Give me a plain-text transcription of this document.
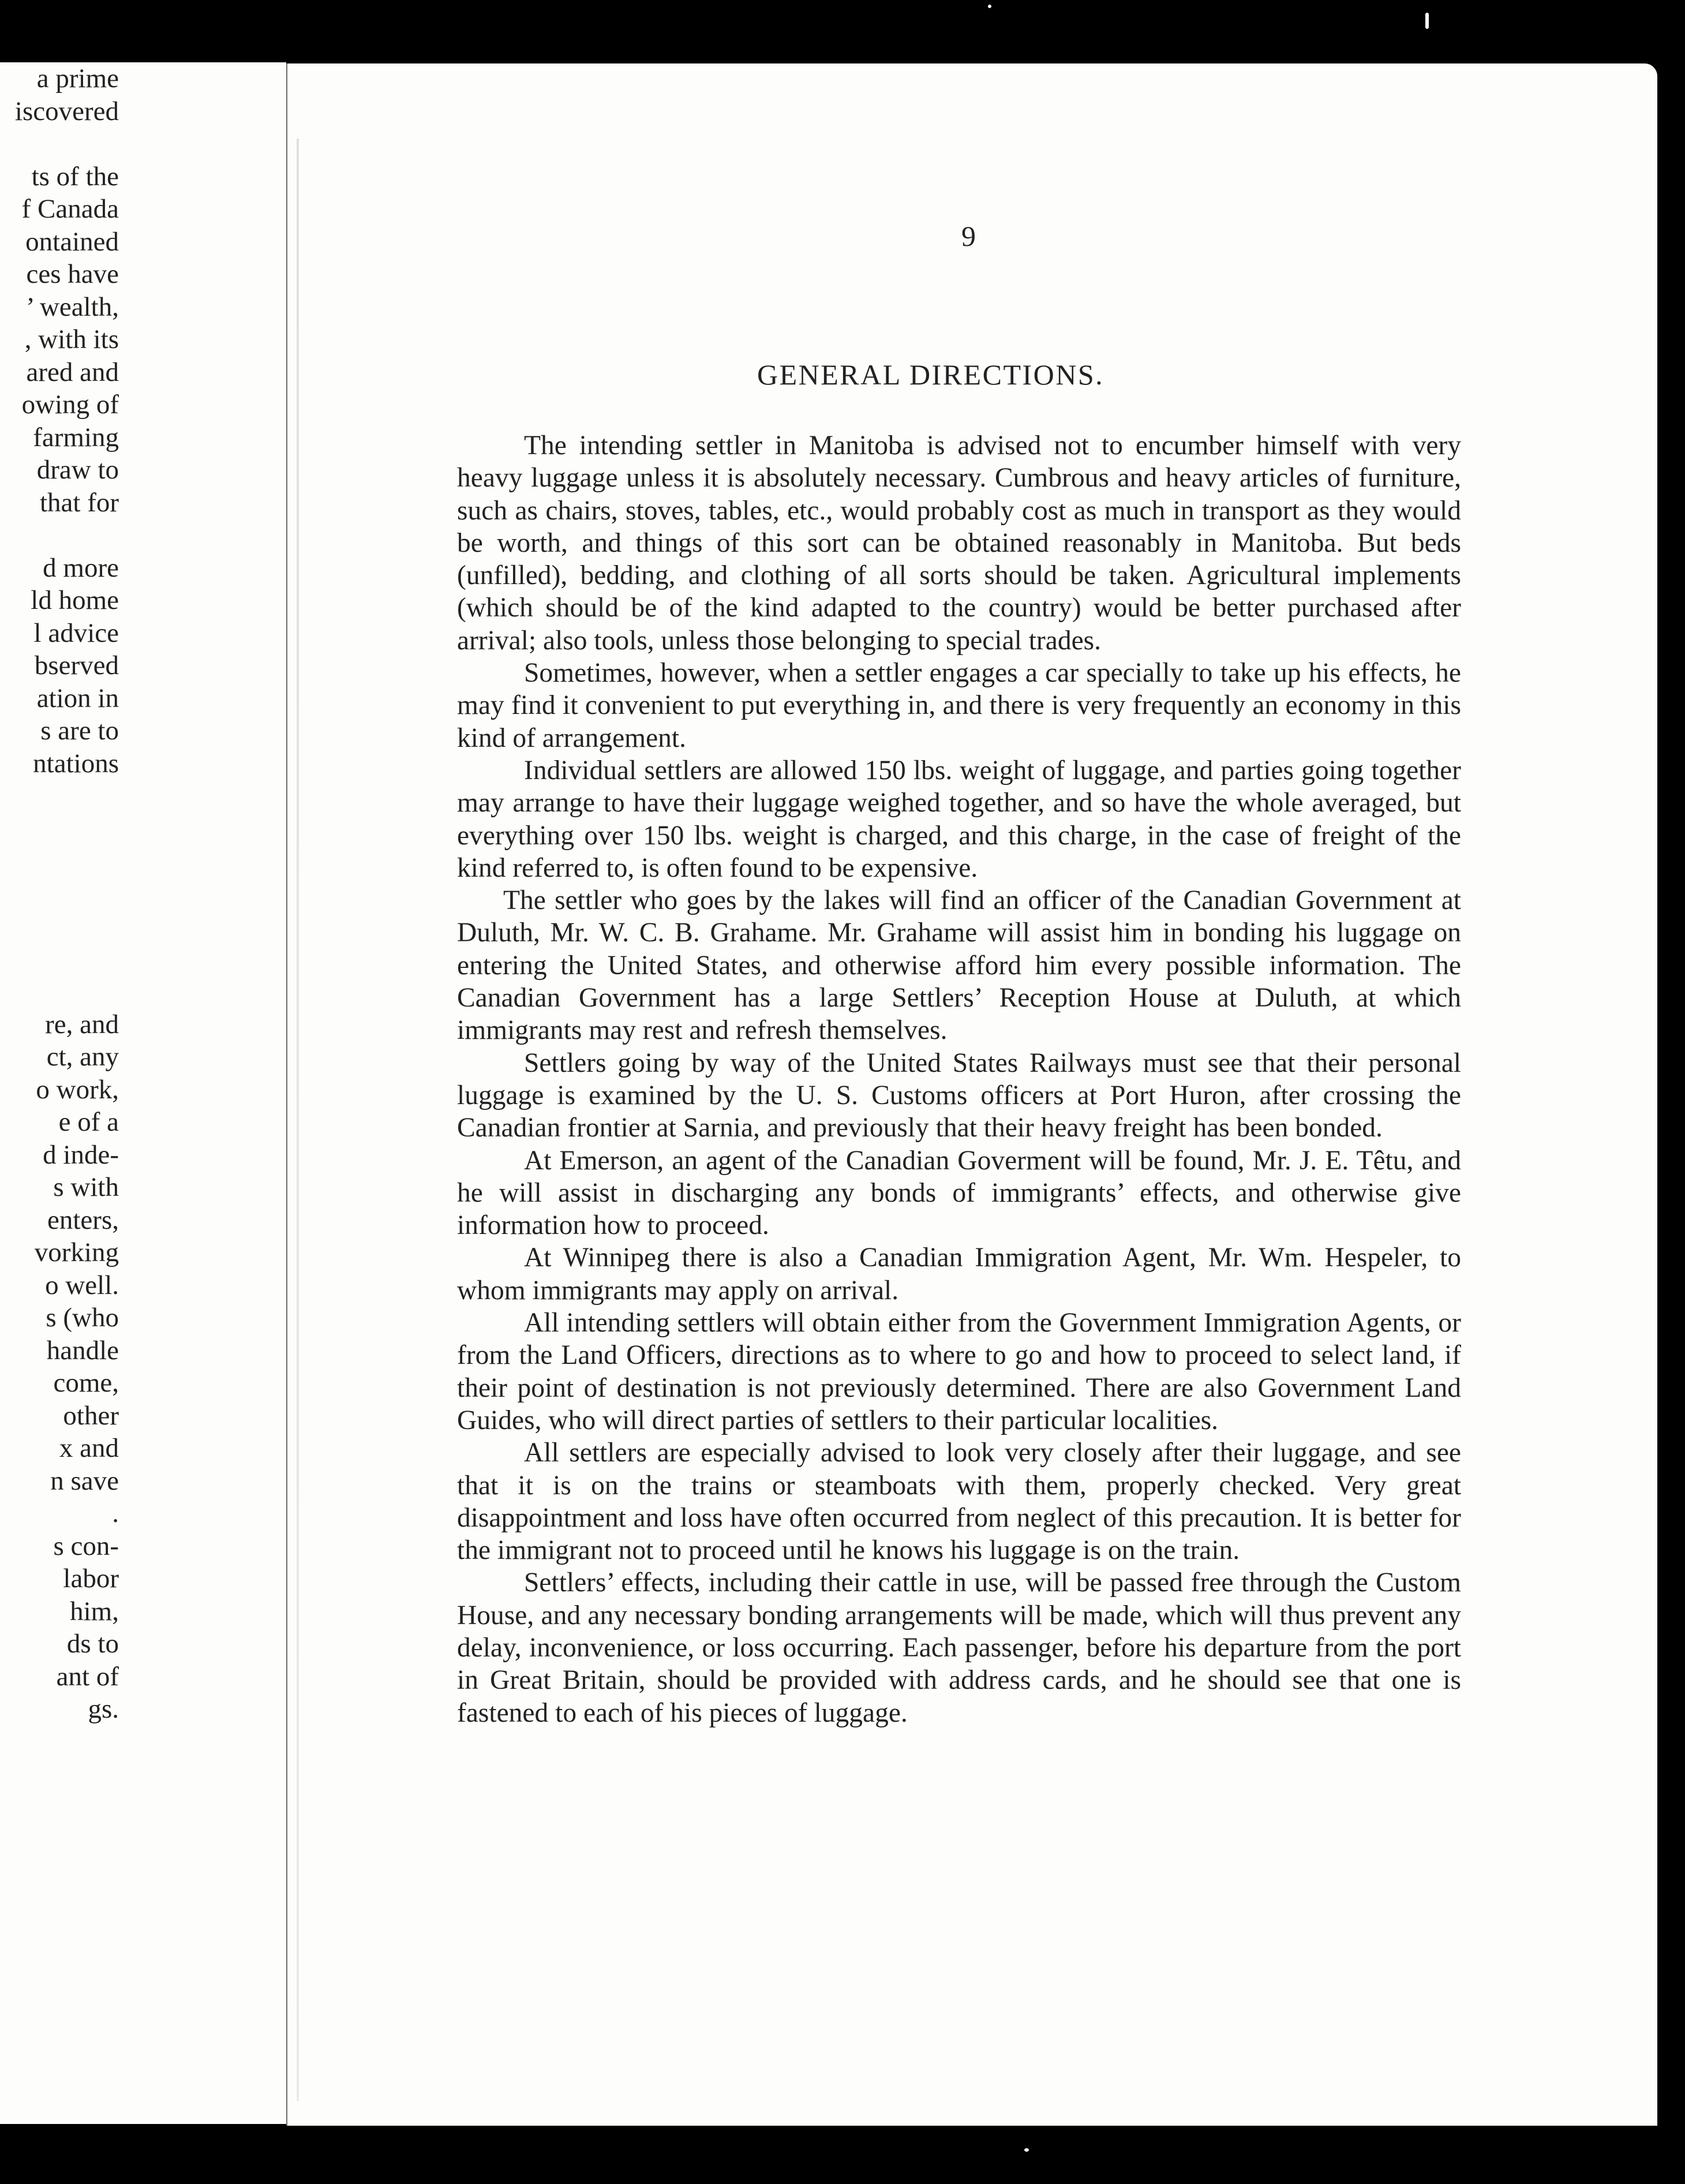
a prime
iscovered

ts of the
f Canada
ontained
ces have
’ wealth,
, with its
ared and
owing of
farming
draw to
that for

d more
ld home
l advice
bserved
ation in
s are to
ntations

re, and
ct, any
o work,
e of a
d inde-
s with
enters,
vorking
o well.
s (who
handle
come,
other
x and
n save
.
s con-
labor
him,
ds to
ant of
gs.
9
GENERAL DIRECTIONS.

The intending settler in Manitoba is advised not to encumber himself with very heavy luggage unless it is absolutely necessary. Cumbrous and heavy articles of furniture, such as chairs, stoves, tables, etc., would probably cost as much in transport as they would be worth, and things of this sort can be obtained reasonably in Manitoba. But beds (unfilled), bedding, and clothing of all sorts should be taken. Agricultural implements (which should be of the kind adapted to the country) would be better purchased after arrival; also tools, unless those belonging to special trades.

Sometimes, however, when a settler engages a car specially to take up his effects, he may find it convenient to put everything in, and there is very frequently an economy in this kind of arrangement.

Individual settlers are allowed 150 lbs. weight of luggage, and parties going together may arrange to have their luggage weighed together, and so have the whole averaged, but everything over 150 lbs. weight is charged, and this charge, in the case of freight of the kind referred to, is often found to be expensive.

The settler who goes by the lakes will find an officer of the Canadian Government at Duluth, Mr. W. C. B. Grahame. Mr. Grahame will assist him in bonding his luggage on entering the United States, and otherwise afford him every possible information. The Canadian Government has a large Settlers’ Reception House at Duluth, at which immigrants may rest and refresh themselves.

Settlers going by way of the United States Railways must see that their personal luggage is examined by the U. S. Customs officers at Port Huron, after crossing the Canadian frontier at Sarnia, and previously that their heavy freight has been bonded.

At Emerson, an agent of the Canadian Goverment will be found, Mr. J. E. Têtu, and he will assist in discharging any bonds of immigrants’ effects, and otherwise give information how to proceed.

At Winnipeg there is also a Canadian Immigration Agent, Mr. Wm. Hespeler, to whom immigrants may apply on arrival.

All intending settlers will obtain either from the Government Immigration Agents, or from the Land Officers, directions as to where to go and how to proceed to select land, if their point of destination is not previously determined. There are also Government Land Guides, who will direct parties of settlers to their particular localities.

All settlers are especially advised to look very closely after their luggage, and see that it is on the trains or steamboats with them, properly checked. Very great disappointment and loss have often occurred from neglect of this precaution. It is better for the immigrant not to proceed until he knows his luggage is on the train.

Settlers’ effects, including their cattle in use, will be passed free through the Custom House, and any necessary bonding arrangements will be made, which will thus prevent any delay, inconvenience, or loss occurring. Each passenger, before his departure from the port in Great Britain, should be provided with address cards, and he should see that one is fastened to each of his pieces of luggage.
